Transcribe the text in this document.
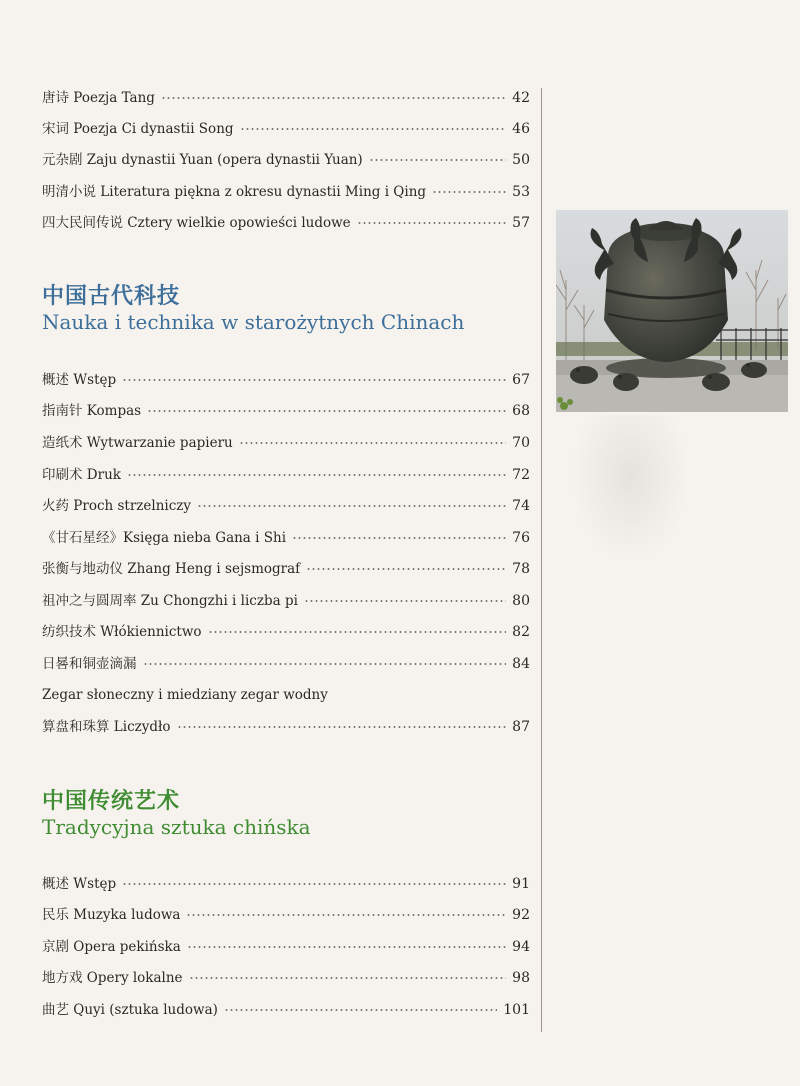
唐诗 Poezja Tang	42
宋词 Poezja Ci dynastii Song	46
元杂剧 Zaju dynastii Yuan (opera dynastii Yuan)	50
明清小说 Literatura piękna z okresu dynastii Ming i Qing	53
四大民间传说 Cztery wielkie opowieści ludowe	57
中国古代科技
Nauka i technika w starożytnych Chinach
概述 Wstęp	67
指南针 Kompas	68
造纸术 Wytwarzanie papieru	70
印刷术 Druk	72
火药 Proch strzelniczy	74
《甘石星经》Księga nieba Gana i Shi	76
张衡与地动仪 Zhang Heng i sejsmograf	78
祖冲之与圆周率 Zu Chongzhi i liczba pi	80
纺织技术 Włókiennictwo	82
日晷和铜壶滴漏	84
Zegar słoneczny i miedziany zegar wodny
算盘和珠算 Liczydło	87
中国传统艺术
Tradycyjna sztuka chińska
概述 Wstęp	91
民乐 Muzyka ludowa	92
京剧 Opera pekińska	94
地方戏 Opery lokalne	98
曲艺 Quyi (sztuka ludowa)	101
